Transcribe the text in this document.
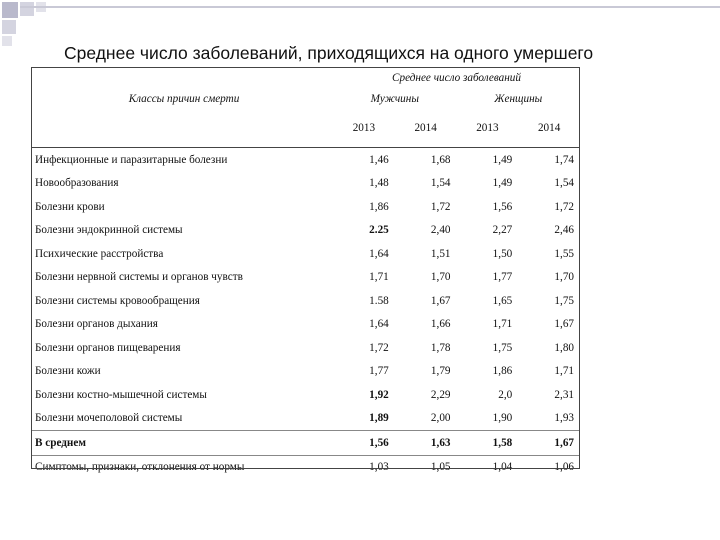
Среднее число заболеваний, приходящихся на одного умершего
	Среднее число заболеваний			
Классы причин смерти	Мужчины		Женщины	
	2013	2014	2013	2014
Инфекционные и паразитарные болезни	1,46	1,68	1,49	1,74
Новообразования	1,48	1,54	1,49	1,54
Болезни крови	1,86	1,72	1,56	1,72
Болезни эндокринной системы	2.25	2,40	2,27	2,46
Психические расстройства	1,64	1,51	1,50	1,55
Болезни нервной системы и органов чувств	1,71	1,70	1,77	1,70
Болезни системы кровообращения	1.58	1,67	1,65	1,75
Болезни органов дыхания	1,64	1,66	1,71	1,67
Болезни органов пищеварения	1,72	1,78	1,75	1,80
Болезни кожи	1,77	1,79	1,86	1,71
Болезни костно-мышечной системы	1,92	2,29	2,0	2,31
Болезни мочеполовой системы	1,89	2,00	1,90	1,93
В среднем	1,56	1,63	1,58	1,67
Симптомы, признаки, отклонения от нормы	1,03	1,05	1,04	1,06
